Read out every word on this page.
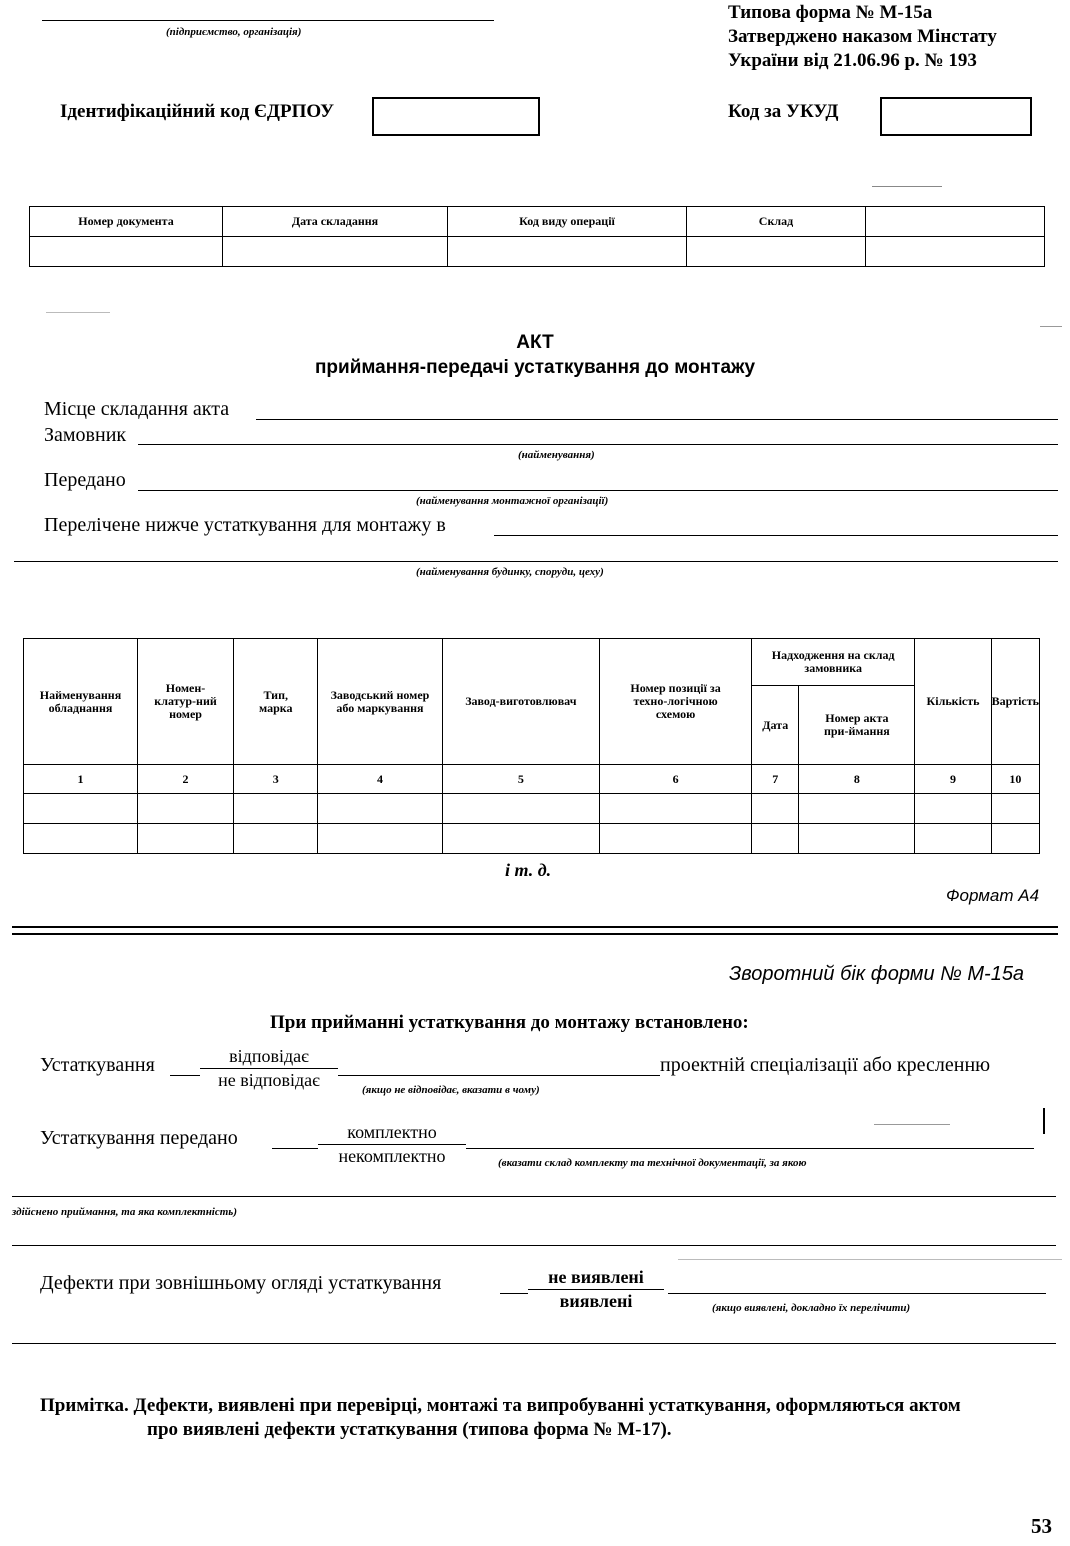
(підприємство, організація)
Типова форма № М-15а
Затверджено наказом Мінстату
України від 21.06.96 р. № 193
Ідентифікаційний код ЄДРПОУ	Код за УКУД
Номер документа	Дата складання	Код виду операції	Склад	

АКТ
приймання-передачі устаткування до монтажу
Місце складання акта
Замовник
(найменування)
Передано
(найменування монтажної організації)
Перелічене нижче устаткування для монтажу в
(найменування будинку, споруди, цеху)
Найменування обладнання	Номен-клатур-ний номер	Тип, марка	Заводський номер або маркування	Завод-виготовлювач	Номер позиції за техно-логічною схемою	Надходження на склад замовника		Кількість	Вартість
						Дата	Номер акта при-ймання		
1	2	3	4	5	6	7	8	9	10

і т. д.
Формат А4
Зворотний бік форми № М-15а
При прийманні устаткування до монтажу встановлено:
Устаткування	відповідає
не відповідає
проектній спеціалізації або кресленню
(якщо не відповідає, вказати в чому)
Устаткування передано	комплектно
некомплектно	(вказати склад комплекту та технічної документації, за якою
здійснено приймання, та яка комплектність)
Дефекти при зовнішньому огляді устаткування	не виявлені
виявлені	(якщо виявлені, докладно їх перелічити)
Примітка. Дефекти, виявлені при перевірці, монтажі та випробуванні устаткування, оформляються актом
про виявлені дефекти устаткування (типова форма № М-17).
53
